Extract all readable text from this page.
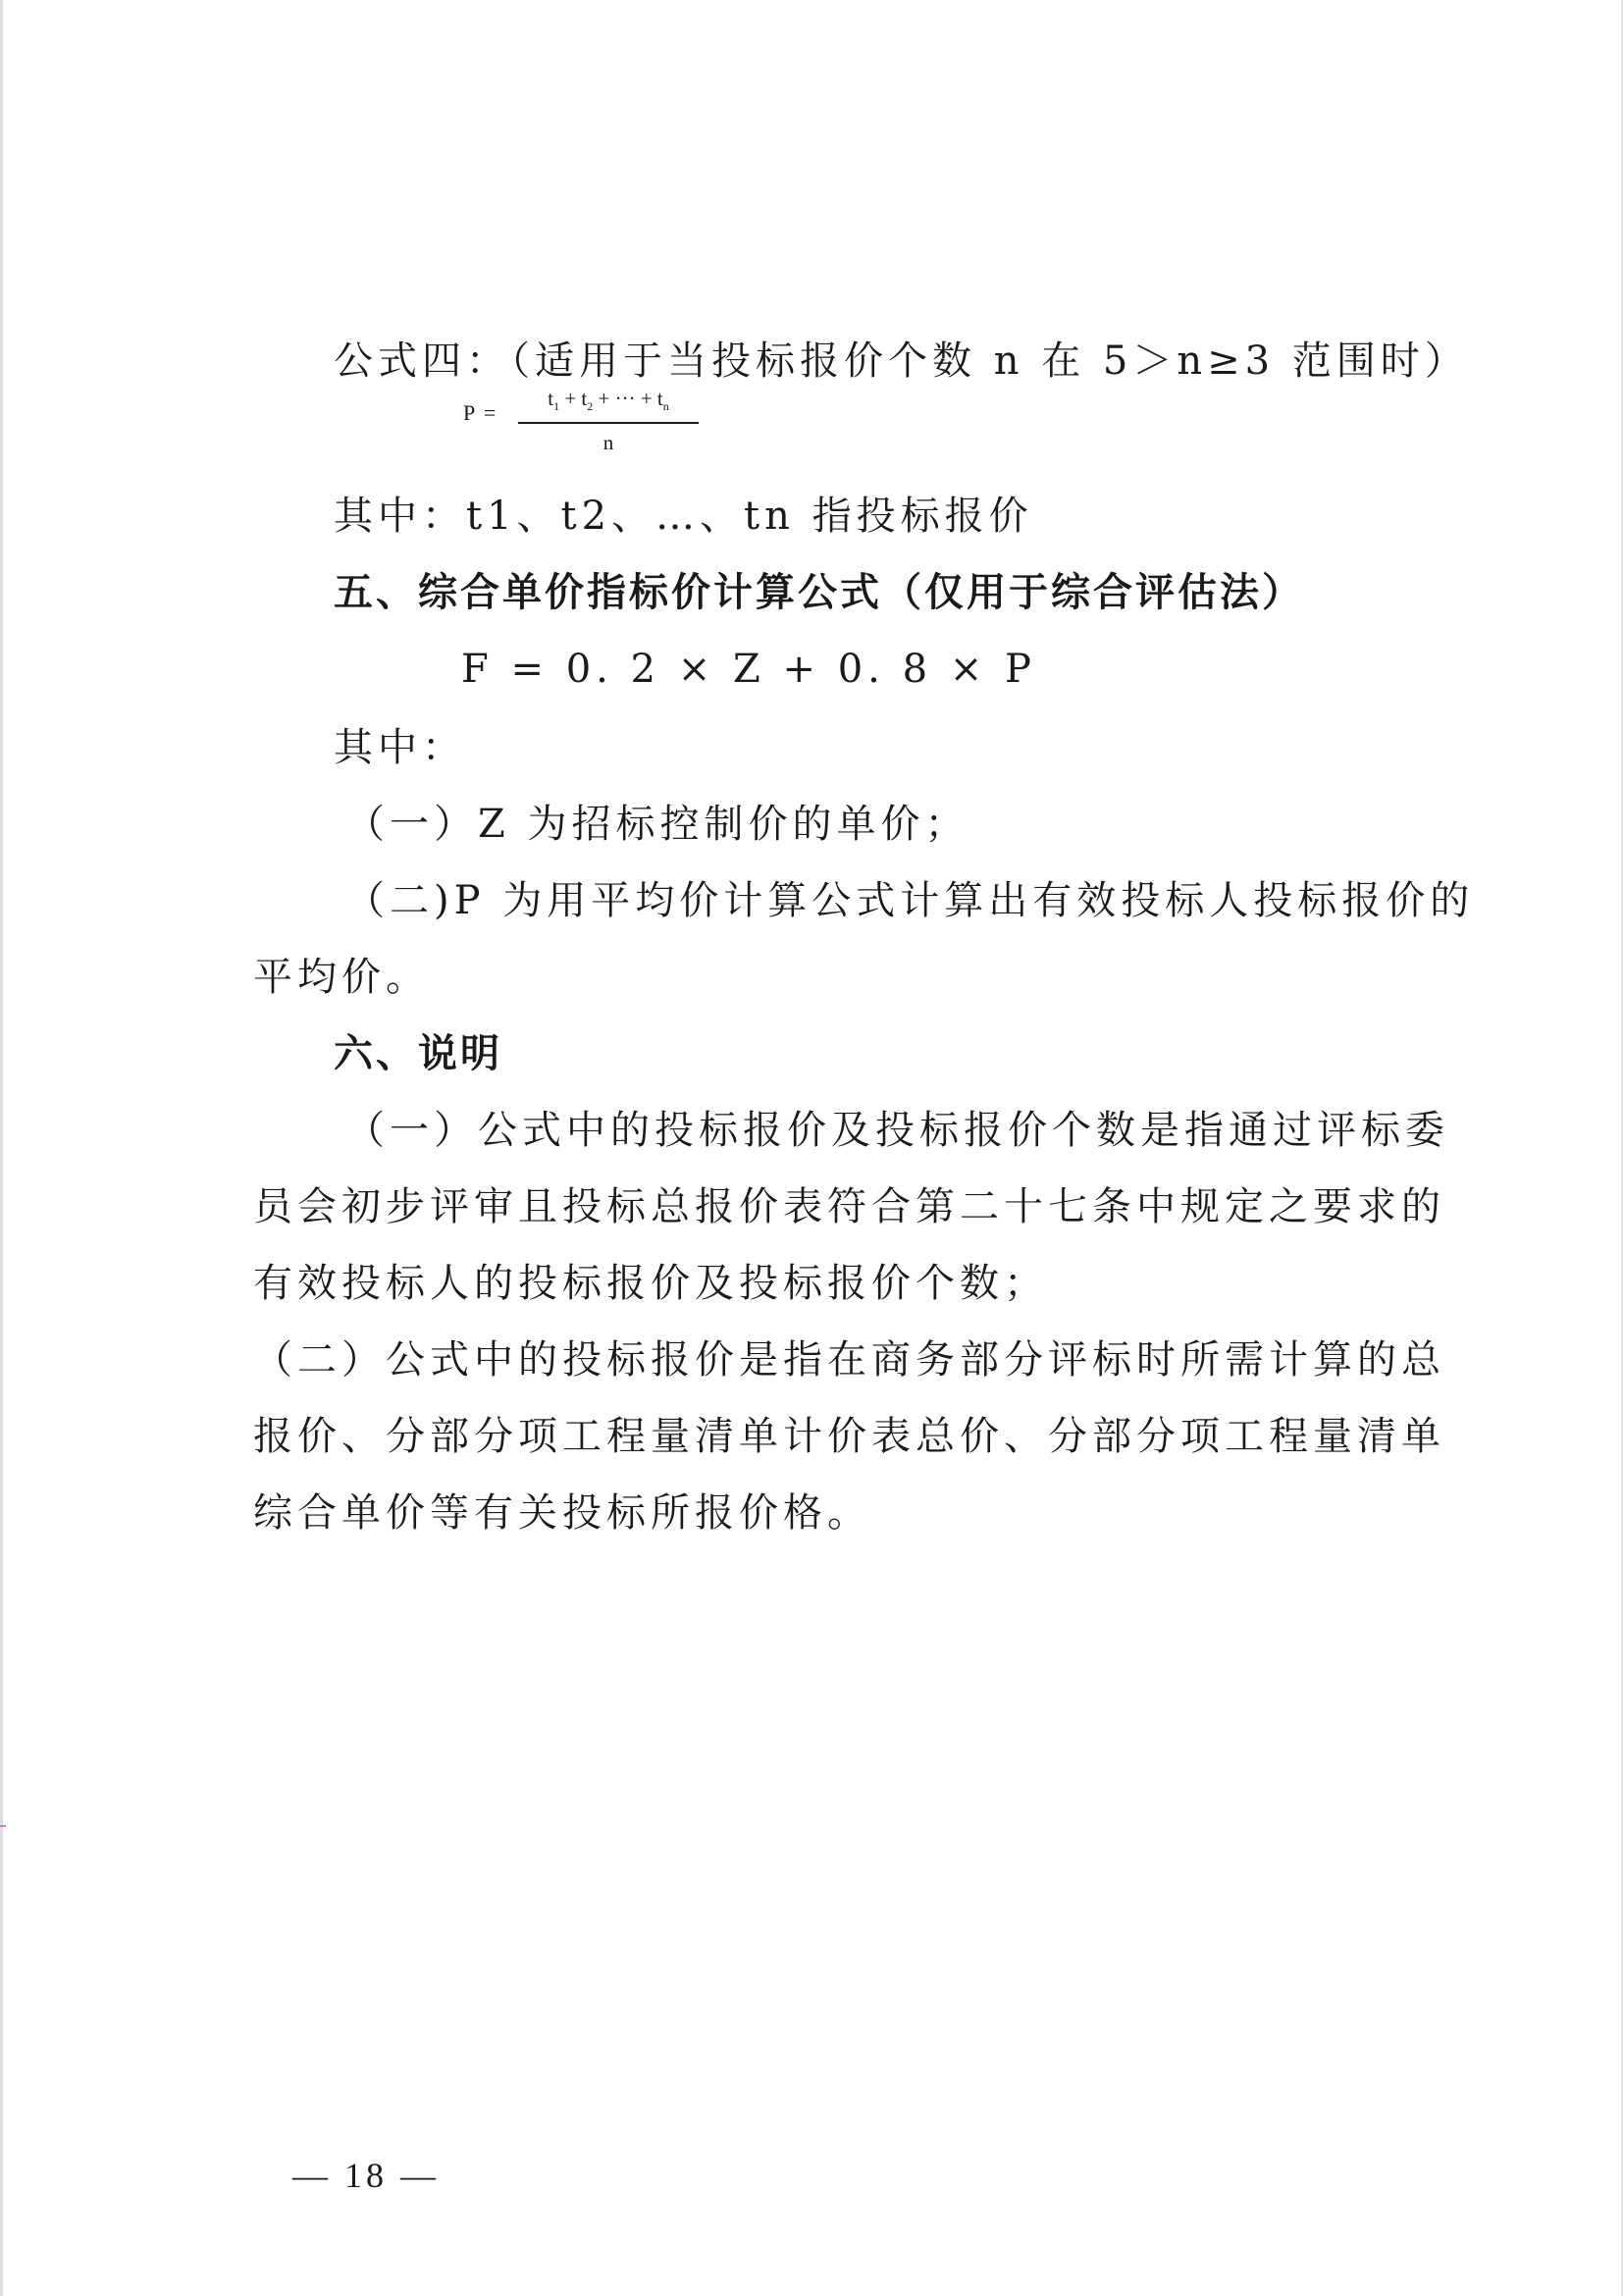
公式四：（适用于当投标报价个数 n 在 5＞n≥3 范围时）
P =
$t_1 + t_2$ + ··· + $t_n$
n
其中：t1、t2、…、tn 指投标报价
五、综合单价指标价计算公式（仅用于综合评估法）
F = 0. 2 × Z + 0. 8 × P
其中：
（一）Z 为招标控制价的单价；
（二)P 为用平均价计算公式计算出有效投标人投标报价的
平均价。
六、说明
（一）公式中的投标报价及投标报价个数是指通过评标委
员会初步评审且投标总报价表符合第二十七条中规定之要求的
有效投标人的投标报价及投标报价个数；
（二）公式中的投标报价是指在商务部分评标时所需计算的总
报价、分部分项工程量清单计价表总价、分部分项工程量清单
综合单价等有关投标所报价格。
— 18 —
